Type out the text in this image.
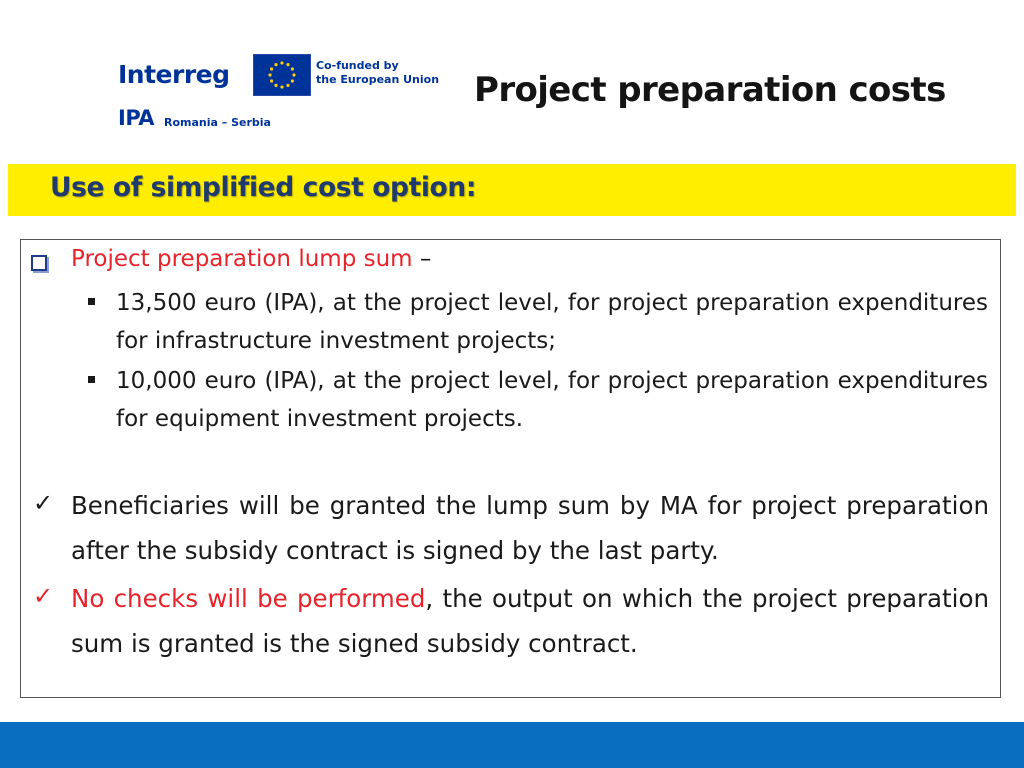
Interreg	Co-funded by
the European Union
IPA Romania – Serbia
Project preparation costs
Use of simplified cost option:
Project preparation lump sum –
13,500 euro (IPA), at the project level, for project preparation expenditures for infrastructure investment projects;
10,000 euro (IPA), at the project level, for project preparation expenditures for equipment investment projects.
✓ Beneficiaries will be granted the lump sum by MA for project preparation after the subsidy contract is signed by the last party.
✓ No checks will be performed, the output on which the project preparation sum is granted is the signed subsidy contract.
